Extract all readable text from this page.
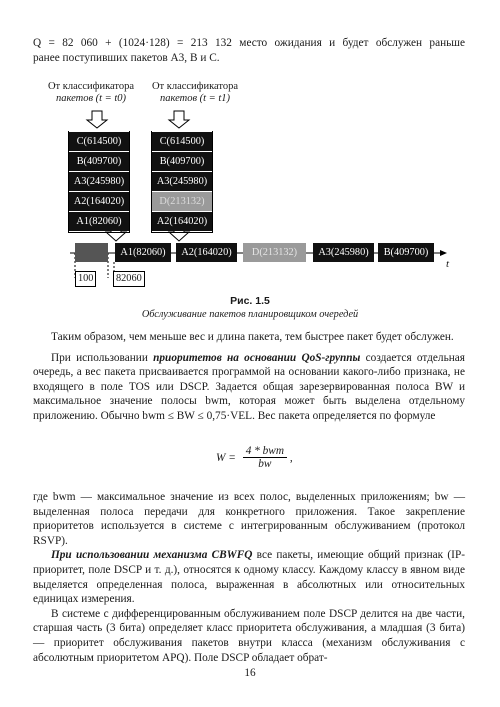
Q = 82 060 + (1024·128) = 213 132 место ожидания и будет обслужен раньше

ранее поступивших пакетов A3, B и C.

От классификатора
пакетов (t = t0)
От классификатора
пакетов (t = t1)
C(614500)
B(409700)
A3(245980)
A2(164020)
A1(82060)
C(614500)
B(409700)
A3(245980)
D(213132)
A2(164020)
A1(82060)	A2(164020)	D(213132)	A3(245980)	B(409700)
t
100 82060
Рис. 1.5
Обслуживание пакетов планировщиком очередей

Таким образом, чем меньше вес и длина пакета, тем быстрее пакет будет обслужен.

При использовании приоритетов на основании QoS-группы создается отдельная очередь, а вес пакета присваивается программой на основании какого-либо признака, не входящего в поле TOS или DSCP. Задается общая зарезервированная полоса BW и максимальное значение полосы bwm, которая может быть выделена отдельному приложению. Обычно bwm ≤ BW ≤ 0,75·VEL. Вес пакета определяется по формуле

W =
4 * bwm
bw
,

где bwm — максимальное значение из всех полос, выделенных приложениям; bw — выделенная полоса передачи для конкретного приложения. Такое закрепление приоритетов используется в системе с интегрированным обслуживанием (протокол RSVP).

При использовании механизма CBWFQ все пакеты, имеющие общий признак (IP-приоритет, поле DSCP и т. д.), относятся к одному классу. Каждому классу в явном виде выделяется определенная полоса, выраженная в абсолютных или относительных единицах измерения.

В системе с дифференцированным обслуживанием поле DSCP делится на две части, старшая часть (3 бита) определяет класс приоритета обслуживания, а младшая (3 бита) — приоритет обслуживания пакетов внутри класса (механизм обслуживания с абсолютным приоритетом APQ). Поле DSCP обладает обрат-

16
